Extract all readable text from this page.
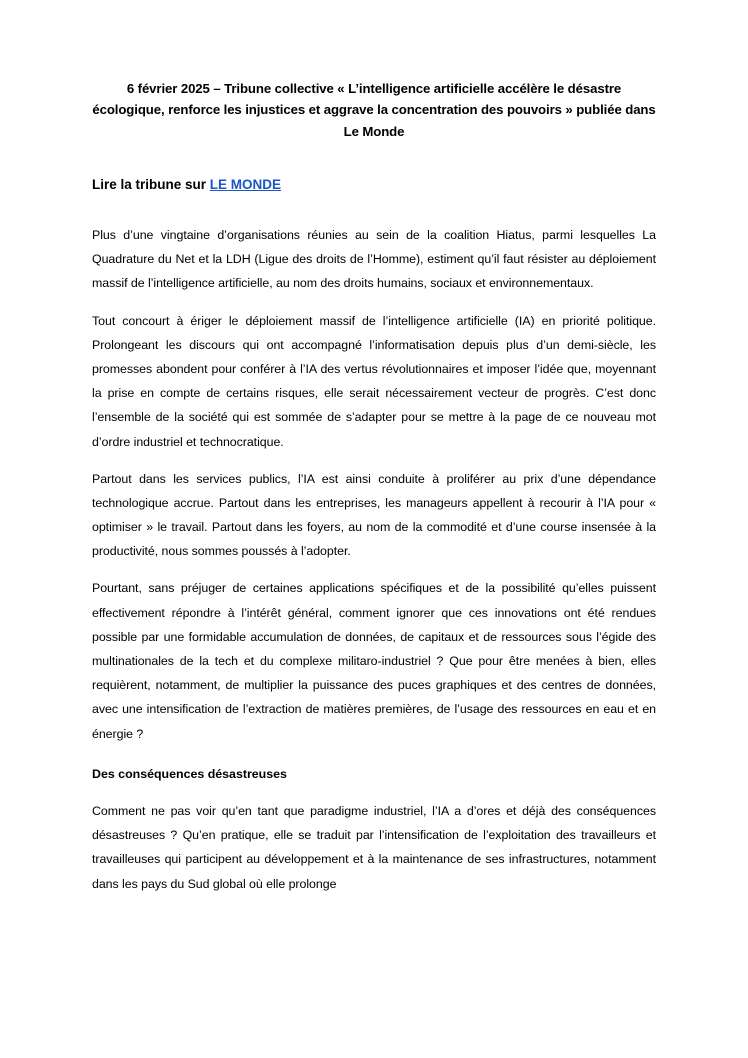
6 février 2025 – Tribune collective « L’intelligence artificielle accélère le désastre écologique, renforce les injustices et aggrave la concentration des pouvoirs » publiée dans Le Monde
Lire la tribune sur LE MONDE

Plus d’une vingtaine d’organisations réunies au sein de la coalition Hiatus, parmi lesquelles La Quadrature du Net et la LDH (Ligue des droits de l’Homme), estiment qu’il faut résister au déploiement massif de l’intelligence artificielle, au nom des droits humains, sociaux et environnementaux.

Tout concourt à ériger le déploiement massif de l’intelligence artificielle (IA) en priorité politique. Prolongeant les discours qui ont accompagné l’informatisation depuis plus d’un demi-siècle, les promesses abondent pour conférer à l’IA des vertus révolutionnaires et imposer l’idée que, moyennant la prise en compte de certains risques, elle serait nécessairement vecteur de progrès. C’est donc l’ensemble de la société qui est sommée de s’adapter pour se mettre à la page de ce nouveau mot d’ordre industriel et technocratique.

Partout dans les services publics, l’IA est ainsi conduite à proliférer au prix d’une dépendance technologique accrue. Partout dans les entreprises, les manageurs appellent à recourir à l’IA pour « optimiser » le travail. Partout dans les foyers, au nom de la commodité et d’une course insensée à la productivité, nous sommes poussés à l’adopter.

Pourtant, sans préjuger de certaines applications spécifiques et de la possibilité qu’elles puissent effectivement répondre à l’intérêt général, comment ignorer que ces innovations ont été rendues possible par une formidable accumulation de données, de capitaux et de ressources sous l’égide des multinationales de la tech et du complexe militaro-industriel ? Que pour être menées à bien, elles requièrent, notamment, de multiplier la puissance des puces graphiques et des centres de données, avec une intensification de l’extraction de matières premières, de l’usage des ressources en eau et en énergie ?

Des conséquences désastreuses

Comment ne pas voir qu’en tant que paradigme industriel, l’IA a d’ores et déjà des conséquences désastreuses ? Qu’en pratique, elle se traduit par l’intensification de l’exploitation des travailleurs et travailleuses qui participent au développement et à la maintenance de ses infrastructures, notamment dans les pays du Sud global où elle prolonge
